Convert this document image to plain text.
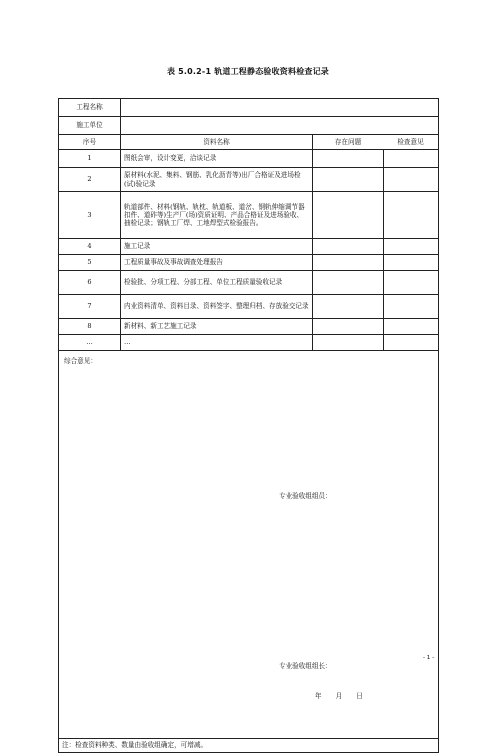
表 5.0.2-1 轨道工程静态验收资料检查记录
工程名称		
施工单位		
序号	资料名称	存在问题 检查意见

1	图纸会审，设计变更，洽谈记录	

2	原材料(水泥、集料、钢筋、乳化沥青等)出厂合格证及进场检(试)验记录	

3	轨道部件、材料(钢轨、轨枕、轨道板、道岔、钢轨伸缩调节器扣件、道砟等)生产厂(场)资质证明、产品合格证及进场验收、抽检记录；钢轨工厂焊、工地焊型式检验报告。	

4	施工记录	

5	工程质量事故及事故调查处理报告	

6	检验批、分项工程、分部工程、单位工程质量验收记录	

7	内业资料清单、资料目录、资料签字、整理归档、存放验交记录	

8	新材料、新工艺施工记录	

…	…	

综合意见：
专业验收组组员：
专业验收组组长：
年 月 日		

注：检查资料种类、数量由验收组确定，可增减。		
- 1 -
